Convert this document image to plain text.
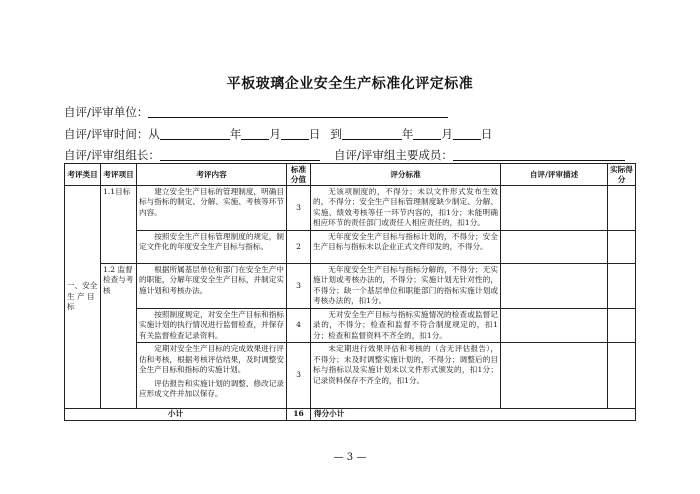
平板玻璃企业安全生产标准化评定标准
自评/评审单位：
自评/评审时间：从	年 月 日 到	年 月 日
自评/评审组组长：	自评/评审组主要成员：
考评类目	考评项目	考评内容	标准分值	评分标准	自评/评审描述	实际得分
一、安全生 产 目标	1.1目标	建立安全生产目标的管理制度，明确目标与指标的制定、分解、实施、考核等环节内容。	3	无该项制度的，不得分；未以文件形式发布生效的，不得分；安全生产目标管理制度缺少制定、分解、实施、绩效考核等任一环节内容的，扣1分；未能明确相应环节的责任部门或责任人相应责任的，扣1分。		
		按照安全生产目标管理制度的规定，制定文件化的年度安全生产目标与指标。	2	无年度安全生产目标与指标计划的，不得分；安全生产目标与指标未以企业正式文件印发的，不得分。		
	1.2 监督检查与考核	根据所属基层单位和部门在安全生产中的职能，分解年度安全生产目标，并制定实施计划和考核办法。	3	无年度安全生产目标与指标分解的，不得分；无实施计划或考核办法的，不得分；实施计划无针对性的，不得分；缺一个基层单位和职能部门的指标实施计划或考核办法的，扣1分。		
		按照制度规定，对安全生产目标和指标实施计划的执行情况进行监督检查，并保存有关监督检查记录资料。	4	无对安全生产目标与指标实施情况的检查或监督记录的，不得分；检查和监督不符合制度规定的，扣1分；检查和监督资料不齐全的，扣1分。		

		定期对安全生产目标的完成效果进行评估和考核，根据考核评估结果，及时调整安全生产目标和指标的实施计划。
评估报告和实施计划的调整、修改记录应形成文件并加以保存。	3	未定期进行效果评估和考核的（含无评估报告），不得分；未及时调整实施计划的，不得分；调整后的目标与指标以及实施计划未以文件形式颁发的，扣1分；记录资料保存不齐全的，扣1分。		
小计			16	得分小计		
— 3 —
